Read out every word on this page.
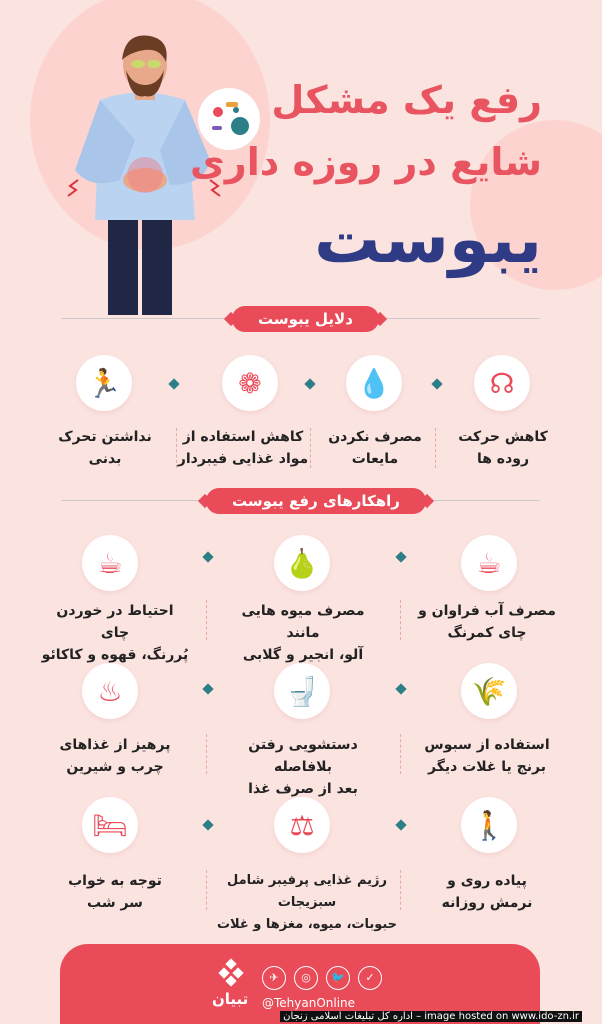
رفع یک مشکل
شایع در روزه داری
یبوست
دلایل یبوست
☊
💧
❁
🏃
کاهش حرکت
روده ها
مصرف نکردن
مایعات
کاهش استفاده از
مواد غذایی فیبردار
نداشتن تحرک
بدنی
راهکارهای رفع یبوست
☕
🍐
☕
مصرف آب فراوان و
چای کمرنگ
مصرف میوه هایی مانند
آلو، انجیر و گلابی
احتیاط در خوردن چای
پُررنگ، قهوه و کاکائو
🌾
🚽
♨
استفاده از سبوس
برنج یا غلات دیگر
دستشویی رفتن بلافاصله
بعد از صرف غذا
پرهیز از غذاهای
چرب و شیرین
🚶
⚖
🛏
پیاده روی و
نرمش روزانه
رژیم غذایی پرفیبر شامل سبزیجات
حبوبات، میوه، مغزها و غلات
توجه به خواب
سر شب
تبیان
✈	◎	🐦	✓
@TehyanOnline
image hosted on www.ido-zn.ir – اداره کل تبلیغات اسلامی زنجان
